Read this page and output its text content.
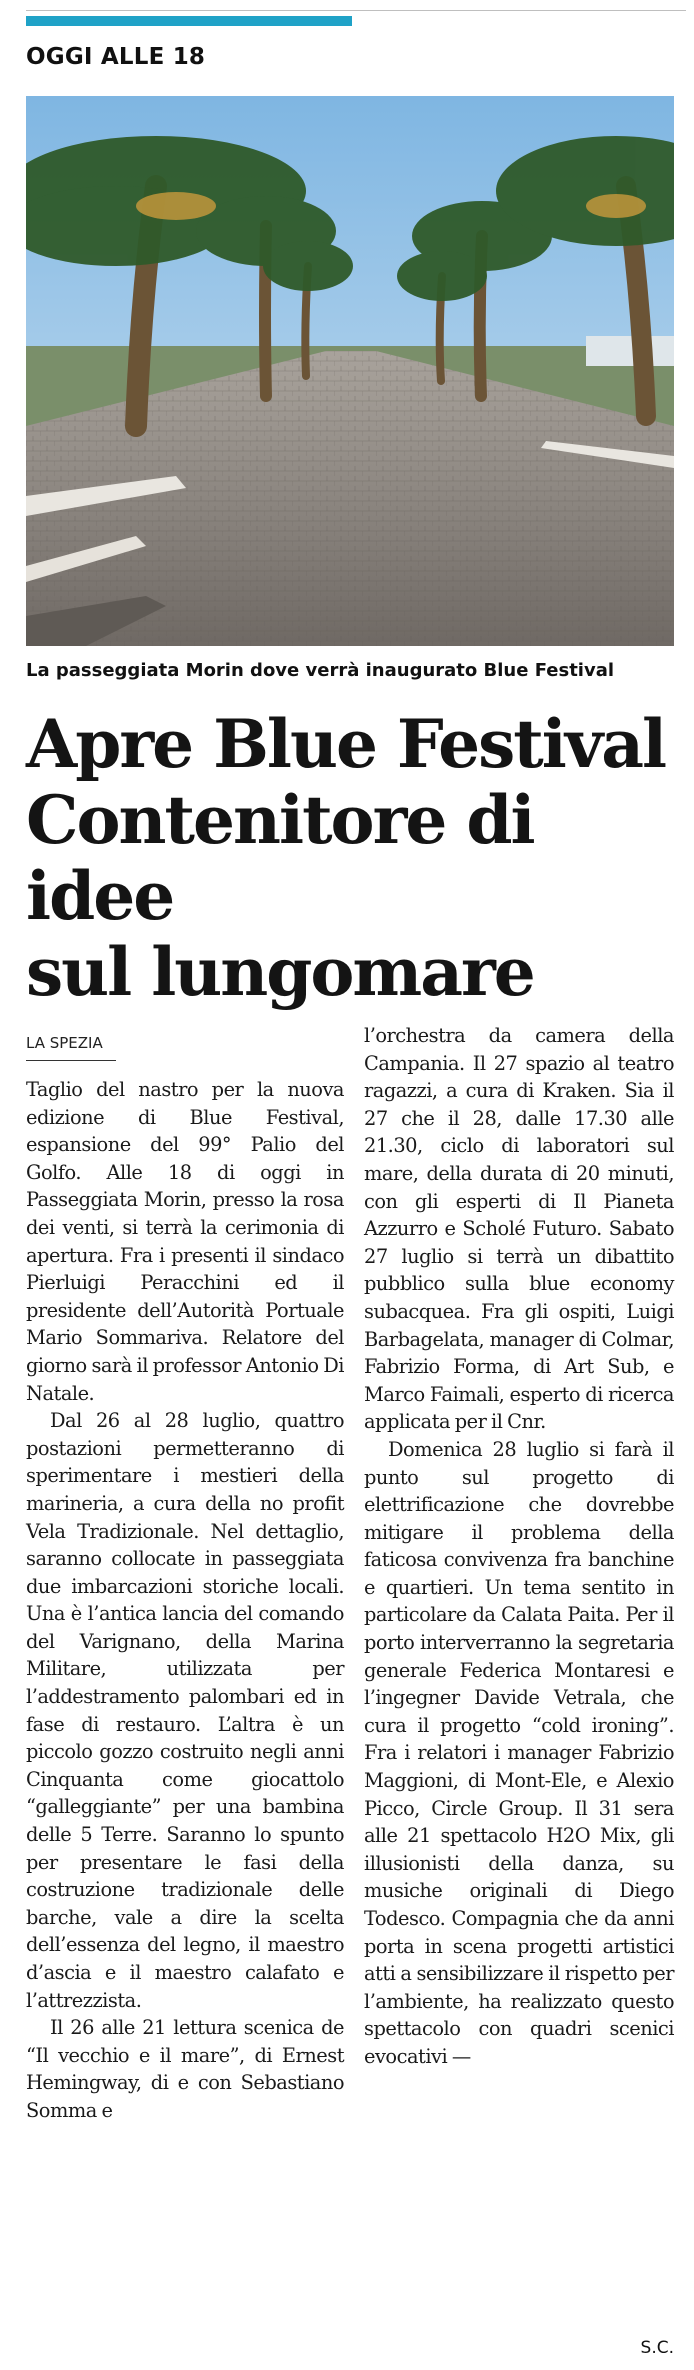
OGGI ALLE 18
La passeggiata Morin dove verrà inaugurato Blue Festival
Apre Blue Festival
Contenitore di idee
sul lungomare
LA SPEZIA

Taglio del nastro per la nuova edizione di Blue Festival, espansione del 99° Palio del Golfo. Alle 18 di oggi in Passeggiata Morin, presso la rosa dei venti, si terrà la cerimonia di apertura. Fra i presenti il sindaco Pierluigi Peracchini ed il presidente dell’Autorità Portuale Mario Sommariva. Relatore del giorno sarà il professor Antonio Di Natale.

Dal 26 al 28 luglio, quattro postazioni permetteranno di sperimentare i mestieri della marineria, a cura della no profit Vela Tradizionale. Nel dettaglio, saranno collocate in passeggiata due imbarcazioni storiche locali. Una è l’antica lancia del comando del Varignano, della Marina Militare, utilizzata per l’addestramento palombari ed in fase di restauro. L’altra è un piccolo gozzo costruito negli anni Cinquanta come giocattolo “galleggiante” per una bambina delle 5 Terre. Saranno lo spunto per presentare le fasi della costruzione tradizionale delle barche, vale a dire la scelta dell’essenza del legno, il maestro d’ascia e il maestro calafato e l’attrezzista.

Il 26 alle 21 lettura scenica de “Il vecchio e il mare”, di Ernest Hemingway, di e con Sebastiano Somma e

l’orchestra da camera della Campania. Il 27 spazio al teatro ragazzi, a cura di Kraken. Sia il 27 che il 28, dalle 17.30 alle 21.30, ciclo di laboratori sul mare, della durata di 20 minuti, con gli esperti di Il Pianeta Azzurro e Scholé Futuro. Sabato 27 luglio si terrà un dibattito pubblico sulla blue economy subacquea. Fra gli ospiti, Luigi Barbagelata, manager di Colmar, Fabrizio Forma, di Art Sub, e Marco Faimali, esperto di ricerca applicata per il Cnr.

Domenica 28 luglio si farà il punto sul progetto di elettrificazione che dovrebbe mitigare il problema della faticosa convivenza fra banchine e quartieri. Un tema sentito in particolare da Calata Paita. Per il porto interverranno la segretaria generale Federica Montaresi e l’ingegner Davide Vetrala, che cura il progetto “cold ironing”. Fra i relatori i manager Fabrizio Maggioni, di Mont-Ele, e Alexio Picco, Circle Group. Il 31 sera alle 21 spettacolo H2O Mix, gli illusionisti della danza, su musiche originali di Diego Todesco. Compagnia che da anni porta in scena progetti artistici atti a sensibilizzare il rispetto per l’ambiente, ha realizzato questo spettacolo con quadri scenici evocativi —

S.C.
